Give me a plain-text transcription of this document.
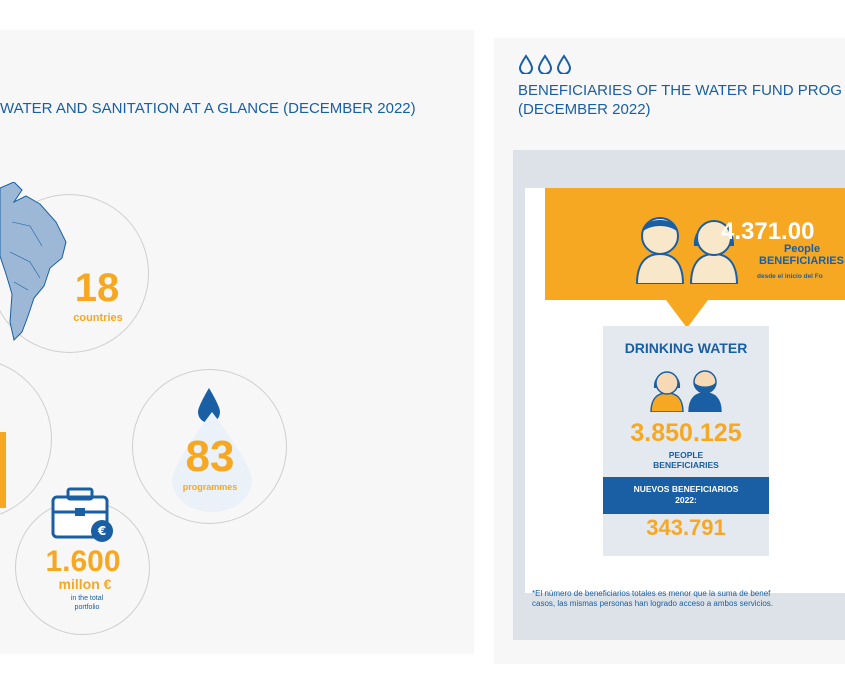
WATER AND SANITATION AT A GLANCE (DECEMBER 2022)
18
countries
83
programmes
€
1.600
millon €
in the total
portfolio
BENEFICIARIES OF THE WATER FUND PROG
(DECEMBER 2022)
4.371.00
People
BENEFICIARIES
desde el inicio del Fo
DRINKING WATER
3.850.125
PEOPLE
BENEFICIARIES
NUEVOS BENEFICIARIOS
2022:
343.791
*El número de beneficiarios totales es menor que la suma de benef
casos, las mismas personas han logrado acceso a ambos servicios.
